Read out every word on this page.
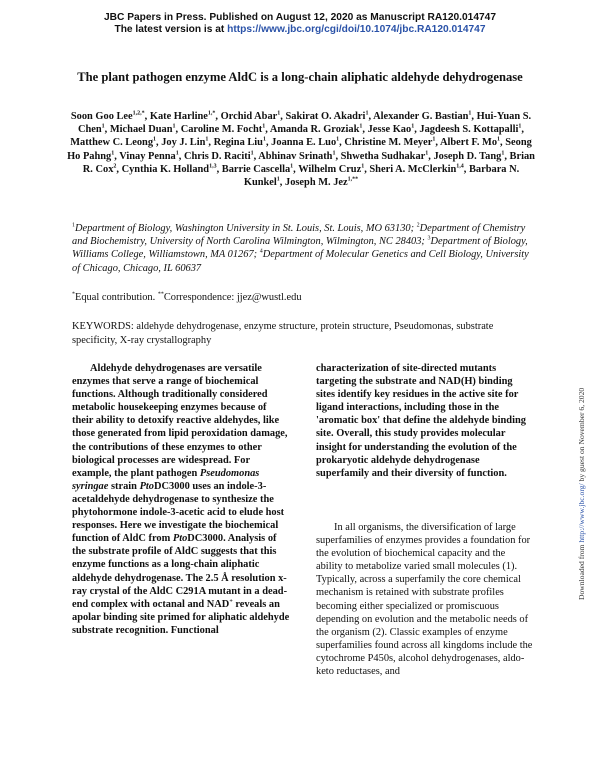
JBC Papers in Press. Published on August 12, 2020 as Manuscript RA120.014747
The latest version is at https://www.jbc.org/cgi/doi/10.1074/jbc.RA120.014747
The plant pathogen enzyme AldC is a long-chain aliphatic aldehyde dehydrogenase
Soon Goo Lee$^{1,2,*}$, Kate Harline$^{1,*}$, Orchid Abar$^1$, Sakirat O. Akadri$^1$, Alexander G. Bastian$^1$, Hui-Yuan S. Chen$^1$, Michael Duan$^1$, Caroline M. Focht$^1$, Amanda R. Groziak$^1$, Jesse Kao$^1$, Jagdeesh S. Kottapalli$^1$, Matthew C. Leong$^1$, Joy J. Lin$^1$, Regina Liu$^1$, Joanna E. Luo$^1$, Christine M. Meyer$^1$, Albert F. Mo$^1$, Seong Ho Pahng$^1$, Vinay Penna$^1$, Chris D. Raciti$^1$, Abhinav Srinath$^1$, Shwetha Sudhakar$^1$, Joseph D. Tang$^1$, Brian R. Cox$^2$, Cynthia K. Holland$^{1,3}$, Barrie Cascella$^1$, Wilhelm Cruz$^1$, Sheri A. McClerkin$^{1,4}$, Barbara N. Kunkel$^1$, Joseph M. Jez$^{1,**}$
$^1$Department of Biology, Washington University in St. Louis, St. Louis, MO 63130; $^2$Department of Chemistry and Biochemistry, University of North Carolina Wilmington, Wilmington, NC 28403; $^3$Department of Biology, Williams College, Williamstown, MA 01267; $^4$Department of Molecular Genetics and Cell Biology, University of Chicago, Chicago, IL 60637
*Equal contribution. **Correspondence: jjez@wustl.edu
KEYWORDS: aldehyde dehydrogenase, enzyme structure, protein structure, Pseudomonas, substrate specificity, X-ray crystallography

Aldehyde dehydrogenases are versatile enzymes that serve a range of biochemical functions. Although traditionally considered metabolic housekeeping enzymes because of their ability to detoxify reactive aldehydes, like those generated from lipid peroxidation damage, the contributions of these enzymes to other biological processes are widespread. For example, the plant pathogen Pseudomonas syringae strain PtoDC3000 uses an indole-3-acetaldehyde dehydrogenase to synthesize the phytohormone indole-3-acetic acid to elude host responses. Here we investigate the biochemical function of AldC from PtoDC3000. Analysis of the substrate profile of AldC suggests that this enzyme functions as a long-chain aliphatic aldehyde dehydrogenase. The 2.5 Å resolution x-ray crystal of the AldC C291A mutant in a dead-end complex with octanal and NAD+ reveals an apolar binding site primed for aliphatic aldehyde substrate recognition. Functional

characterization of site-directed mutants targeting the substrate and NAD(H) binding sites identify key residues in the active site for ligand interactions, including those in the 'aromatic box' that define the aldehyde binding site. Overall, this study provides molecular insight for understanding the evolution of the prokaryotic aldehyde dehydrogenase superfamily and their diversity of function.

In all organisms, the diversification of large superfamilies of enzymes provides a foundation for the evolution of biochemical capacity and the ability to metabolize varied small molecules (1). Typically, across a superfamily the core chemical mechanism is retained with substrate profiles becoming either specialized or promiscuous depending on evolution and the metabolic needs of the organism (2). Classic examples of enzyme superfamilies found across all kingdoms include the cytochrome P450s, alcohol dehydrogenases, aldo-keto reductases, and

Downloaded from http://www.jbc.org/ by guest on November 6, 2020
